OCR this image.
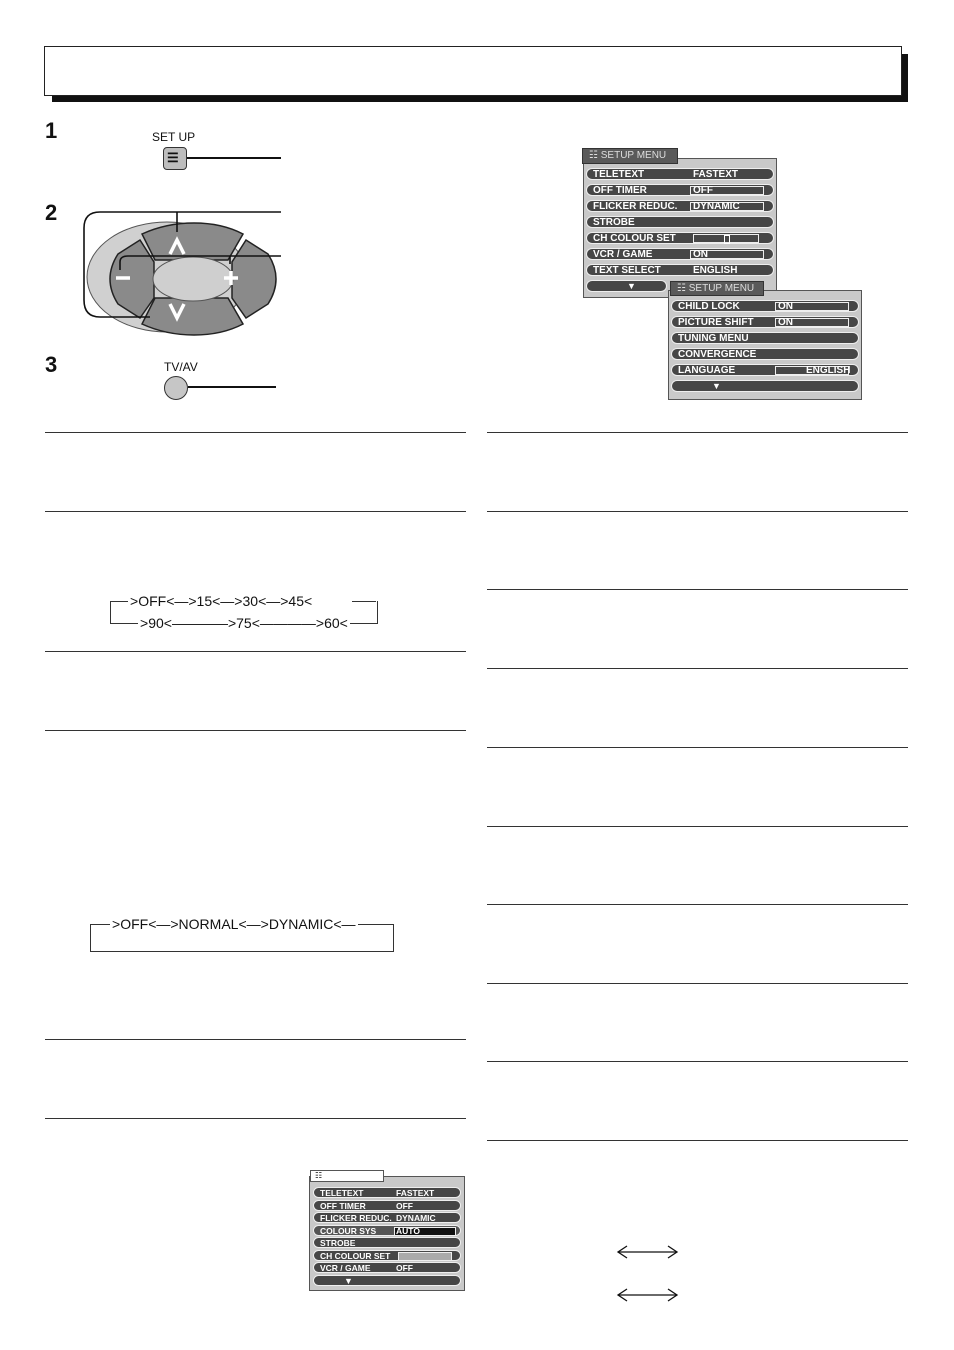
1	SET UP
☰
2
3	TV/AV
>OFF<—>15<—>30<—>45<
>90<————>75<————>60<
>OFF<—>NORMAL<—>DYNAMIC<—
☷ SETUP MENU
TELETEXT	FASTEXT
OFF TIMER	OFF
FLICKER REDUC. DYNAMIC
STROBE
CH COLOUR SET
VCR / GAME	ON
TEXT SELECT	ENGLISH
▼	☷ SETUP MENU
CHILD LOCK	ON
PICTURE SHIFT ON
TUNING MENU
CONVERGENCE
LANGUAGE	ENGLISH
▼
☷
TELETEXT	FASTEXT
OFF TIMER	OFF
FLICKER REDUC. DYNAMIC
COLOUR SYS AUTO
STROBE
CH COLOUR SET
VCR / GAME	OFF
▼
